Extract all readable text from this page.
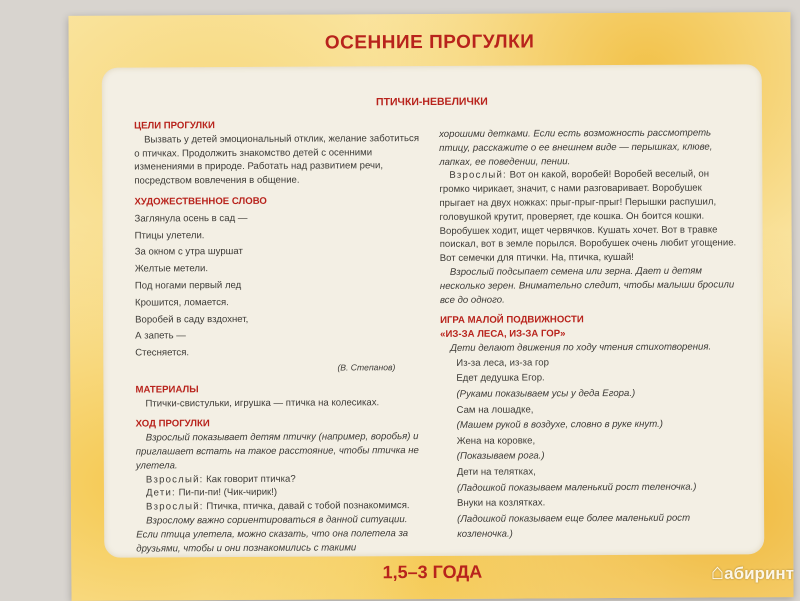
ОСЕННИЕ ПРОГУЛКИ
ПТИЧКИ-НЕВЕЛИЧКИ
ЦЕЛИ ПРОГУЛКИ

Вызвать у детей эмоциональный отклик, желание заботиться о птичках. Продолжить знакомство детей с осенними изменениями в природе. Работать над развитием речи, посредством вовлечения в общение.

ХУДОЖЕСТВЕННОЕ СЛОВО
Заглянула осень в сад —
Птицы улетели.
За окном с утра шуршат
Желтые метели.
Под ногами первый лед
Крошится, ломается.
Воробей в саду вздохнет,
А запеть —
Стесняется.
(В. Степанов)
МАТЕРИАЛЫ

Птички-свистульки, игрушка — птичка на колесиках.

ХОД ПРОГУЛКИ

Взрослый показывает детям птичку (например, воробья) и приглашает встать на такое расстояние, чтобы птичка не улетела.

Взрослый: Как говорит птичка?

Дети: Пи-пи-пи! (Чик-чирик!)

Взрослый: Птичка, птичка, давай с тобой познакомимся.

Взрослому важно сориентироваться в данной ситуации. Если птица улетела, можно сказать, что она полетела за друзьями, чтобы и они познакомились с такими

хорошими детками. Если есть возможность рассмотреть птицу, расскажите о ее внешнем виде — перышках, клюве, лапках, ее поведении, пении.

Взрослый: Вот он какой, воробей! Воробей веселый, он громко чирикает, значит, с нами разговаривает. Воробушек прыгает на двух ножках: прыг-прыг-прыг! Перышки распушил, головушкой крутит, проверяет, где кошка. Он боится кошки. Воробушек ходит, ищет червячков. Кушать хочет. Вот в травке поискал, вот в земле порылся. Воробушек очень любит угощение. Вот семечки для птички. На, птичка, кушай!

Взрослый подсыпает семена или зерна. Дает и детям несколько зерен. Внимательно следит, чтобы малыши бросили все до одного.

ИГРА МАЛОЙ ПОДВИЖНОСТИ
«ИЗ-ЗА ЛЕСА, ИЗ-ЗА ГОР»

Дети делают движения по ходу чтения стихотворения.

Из-за леса, из-за гор
Едет дедушка Егор.
(Руками показываем усы у деда Егора.)
Сам на лошадке,
(Машем рукой в воздухе, словно в руке кнут.)
Жена на коровке,
(Показываем рога.)
Дети на телятках,
(Ладошкой показываем маленький рост теленочка.)
Внуки на козлятках.
(Ладошкой показываем еще более маленький рост козленочка.)
1,5–3 ГОДА	⌂абиринт
